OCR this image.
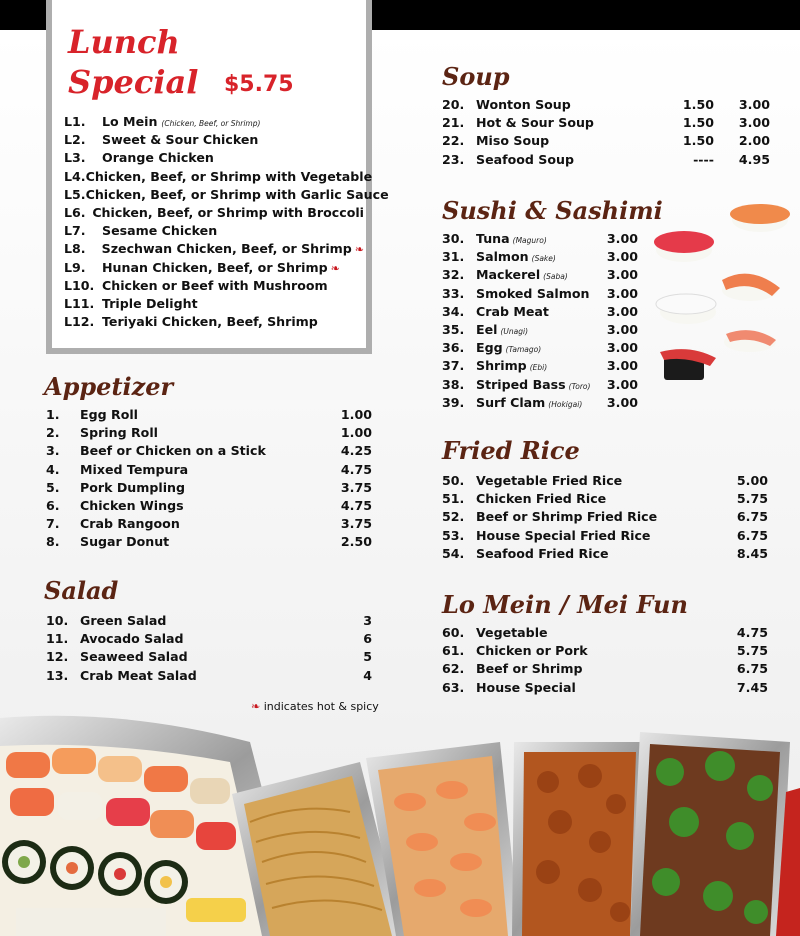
Lunch
Special	$5.75
L1.	Lo Mein (Chicken, Beef, or Shrimp)
L2.	Sweet & Sour Chicken
L3.	Orange Chicken
L4. Chicken, Beef, or Shrimp with Vegetable
L5. Chicken, Beef, or Shrimp with Garlic Sauce
L6. Chicken, Beef, or Shrimp with Broccoli
L7.	Sesame Chicken
L8.	Szechwan Chicken, Beef, or Shrimp ❧
L9.	Hunan Chicken, Beef, or Shrimp ❧
L10. Chicken or Beef with Mushroom
L11. Triple Delight
L12. Teriyaki Chicken, Beef, Shrimp
Appetizer
1.	Egg Roll	1.00
2.	Spring Roll	1.00
3.	Beef or Chicken on a Stick	4.25
4.	Mixed Tempura	4.75
5.	Pork Dumpling	3.75
6.	Chicken Wings	4.75
7.	Crab Rangoon	3.75
8.	Sugar Donut	2.50
Salad
10. Green Salad	3
11. Avocado Salad	6
12. Seaweed Salad	5
13. Crab Meat Salad	4
❧ indicates hot & spicy
Soup
20. Wonton Soup	1.50	3.00
21. Hot & Sour Soup	1.50	3.00
22. Miso Soup	1.50	2.00
23. Seafood Soup	----	4.95
Sushi & Sashimi
30. Tuna (Maguro)	3.00
31. Salmon (Sake)	3.00
32. Mackerel (Saba)	3.00
33. Smoked Salmon	3.00
34. Crab Meat	3.00
35. Eel (Unagi)	3.00
36. Egg (Tamago)	3.00
37. Shrimp (Ebi)	3.00
38. Striped Bass (Toro)	3.00
39. Surf Clam (Hokigai)	3.00
Fried Rice
50. Vegetable Fried Rice	5.00
51. Chicken Fried Rice	5.75
52. Beef or Shrimp Fried Rice	6.75
53. House Special Fried Rice	6.75
54. Seafood Fried Rice	8.45
Lo Mein / Mei Fun
60. Vegetable	4.75
61. Chicken or Pork	5.75
62. Beef or Shrimp	6.75
63. House Special	7.45
